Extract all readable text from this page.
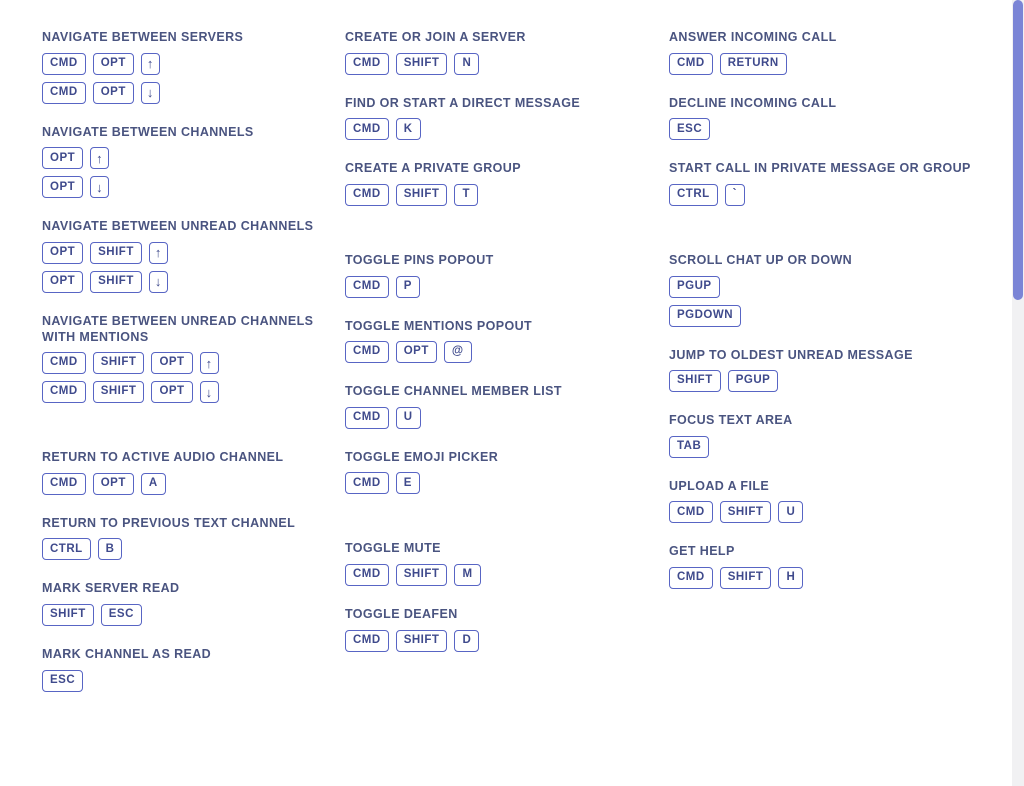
NAVIGATE BETWEEN SERVERS
CMD	OPT	↑
CMD	OPT	↓
NAVIGATE BETWEEN CHANNELS
OPT	↑
OPT	↓
NAVIGATE BETWEEN UNREAD CHANNELS
OPT	SHIFT	↑
OPT	SHIFT	↓
NAVIGATE BETWEEN UNREAD CHANNELS WITH MENTIONS
CMD	SHIFT	OPT	↑
CMD	SHIFT	OPT	↓
RETURN TO ACTIVE AUDIO CHANNEL
CMD	OPT	A
RETURN TO PREVIOUS TEXT CHANNEL
CTRL	B
MARK SERVER READ
SHIFT	ESC
MARK CHANNEL AS READ
ESC
CREATE OR JOIN A SERVER
CMD	SHIFT	N
FIND OR START A DIRECT MESSAGE
CMD	K
CREATE A PRIVATE GROUP
CMD	SHIFT	T
TOGGLE PINS POPOUT
CMD	P
TOGGLE MENTIONS POPOUT
CMD	OPT	@
TOGGLE CHANNEL MEMBER LIST
CMD	U
TOGGLE EMOJI PICKER
CMD	E
TOGGLE MUTE
CMD	SHIFT	M
TOGGLE DEAFEN
CMD	SHIFT	D
ANSWER INCOMING CALL
CMD	RETURN
DECLINE INCOMING CALL
ESC
START CALL IN PRIVATE MESSAGE OR GROUP
CTRL	`
SCROLL CHAT UP OR DOWN
PGUP
PGDOWN
JUMP TO OLDEST UNREAD MESSAGE
SHIFT	PGUP
FOCUS TEXT AREA
TAB
UPLOAD A FILE
CMD	SHIFT	U
GET HELP
CMD	SHIFT	H
